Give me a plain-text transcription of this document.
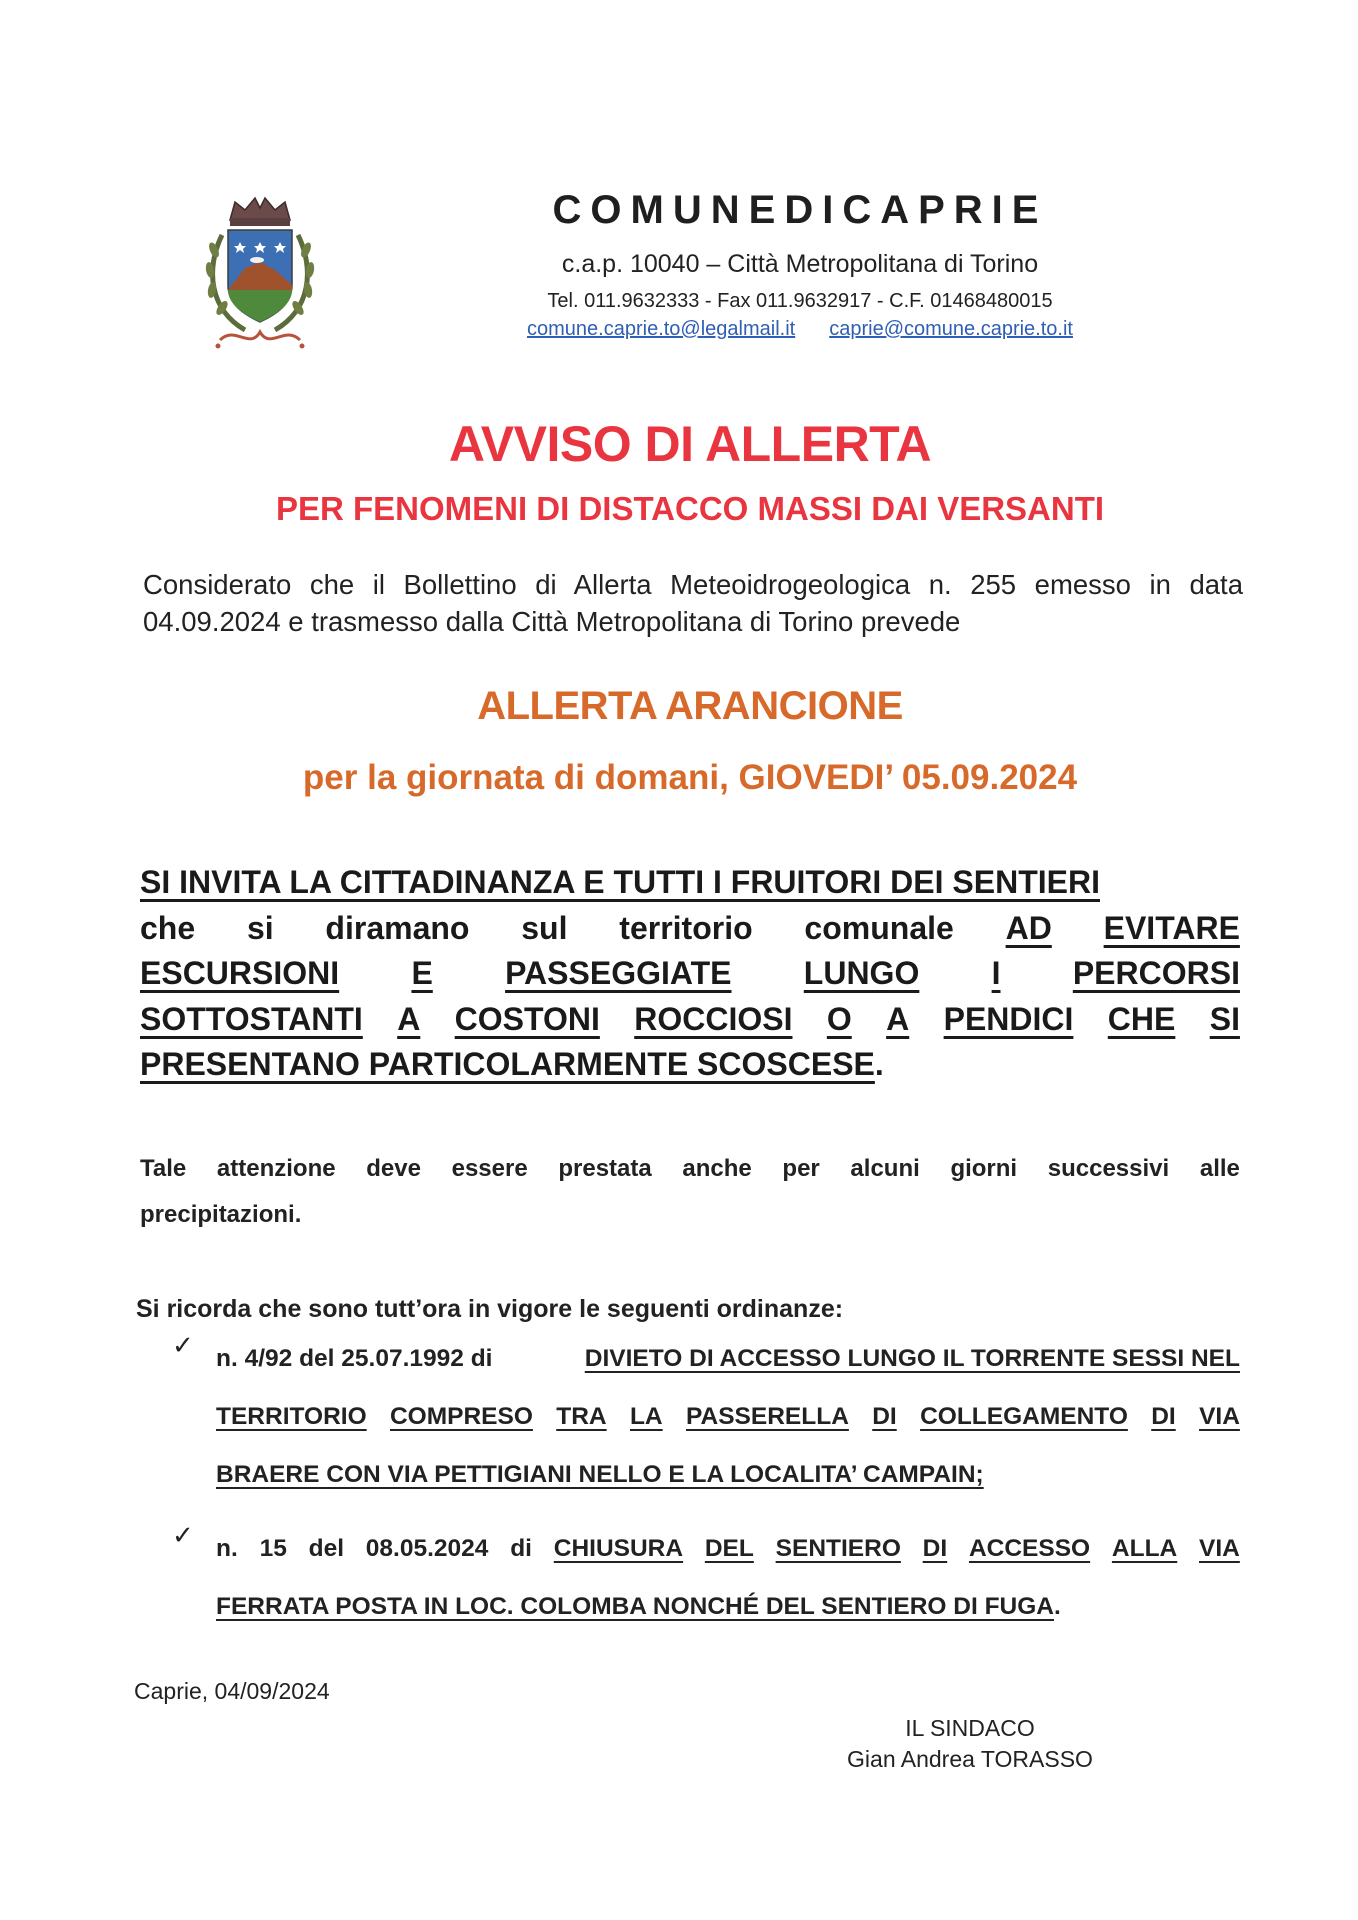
COMUNEDICAPRIE
c.a.p. 10040 – Città Metropolitana di Torino
Tel. 011.9632333 - Fax 011.9632917 - C.F. 01468480015
comune.caprie.to@legalmail.it caprie@comune.caprie.to.it
AVVISO DI ALLERTA
PER FENOMENI DI DISTACCO MASSI DAI VERSANTI
Considerato che il Bollettino di Allerta Meteoidrogeologica n. 255 emesso in data 04.09.2024 e trasmesso dalla Città Metropolitana di Torino prevede
ALLERTA ARANCIONE
per la giornata di domani, GIOVEDI’ 05.09.2024
SI INVITA LA CITTADINANZA E TUTTI I FRUITORI DEI SENTIERI
che si diramano sul territorio comunale AD EVITARE
ESCURSIONI E PASSEGGIATE LUNGO I PERCORSI
SOTTOSTANTI A COSTONI ROCCIOSI O A PENDICI CHE SI
PRESENTANO PARTICOLARMENTE SCOSCESE .
Tale attenzione deve essere prestata anche per alcuni giorni successivi alle
precipitazioni.
Si ricorda che sono tutt’ora in vigore le seguenti ordinanze:
✓ n. 4/92 del 25.07.1992 di	DIVIETO DI ACCESSO LUNGO IL TORRENTE SESSI NEL
TERRITORIO COMPRESO TRA LA PASSERELLA DI COLLEGAMENTO DI VIA
BRAERE CON VIA PETTIGIANI NELLO E LA LOCALITA’ CAMPAIN;
✓ n. 15 del 08.05.2024 di CHIUSURA DEL SENTIERO DI ACCESSO ALLA VIA
FERRATA POSTA IN LOC. COLOMBA NONCHÉ DEL SENTIERO DI FUGA .
Caprie, 04/09/2024
IL SINDACO
Gian Andrea TORASSO
